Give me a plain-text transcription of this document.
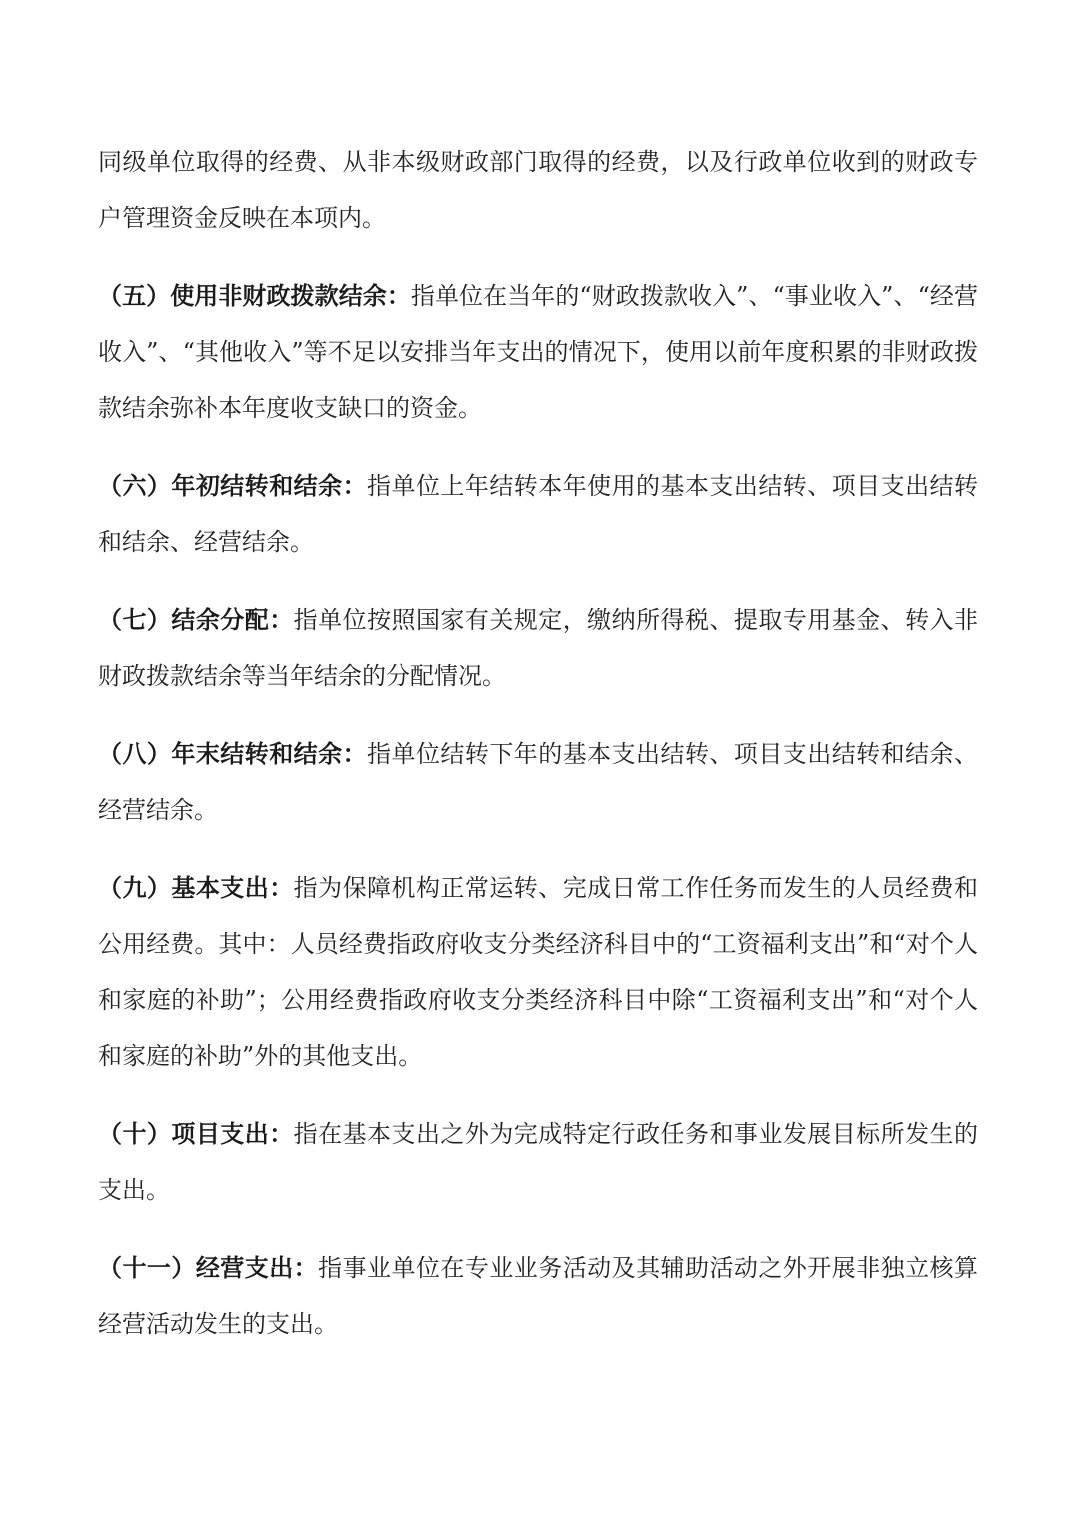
同级单位取得的经费、从非本级财政部门取得的经费，以及行政单位收到的财政专户管理资金反映在本项内。

（五）使用非财政拨款结余：指单位在当年的“财政拨款收入”、“事业收入”、“经营收入”、“其他收入”等不足以安排当年支出的情况下，使用以前年度积累的非财政拨款结余弥补本年度收支缺口的资金。

（六）年初结转和结余：指单位上年结转本年使用的基本支出结转、项目支出结转和结余、经营结余。

（七）结余分配：指单位按照国家有关规定，缴纳所得税、提取专用基金、转入非财政拨款结余等当年结余的分配情况。

（八）年末结转和结余：指单位结转下年的基本支出结转、项目支出结转和结余、经营结余。

（九）基本支出：指为保障机构正常运转、完成日常工作任务而发生的人员经费和公用经费。其中：人员经费指政府收支分类经济科目中的“工资福利支出”和“对个人和家庭的补助”；公用经费指政府收支分类经济科目中除“工资福利支出”和“对个人和家庭的补助”外的其他支出。

（十）项目支出：指在基本支出之外为完成特定行政任务和事业发展目标所发生的支出。

（十一）经营支出：指事业单位在专业业务活动及其辅助活动之外开展非独立核算经营活动发生的支出。
